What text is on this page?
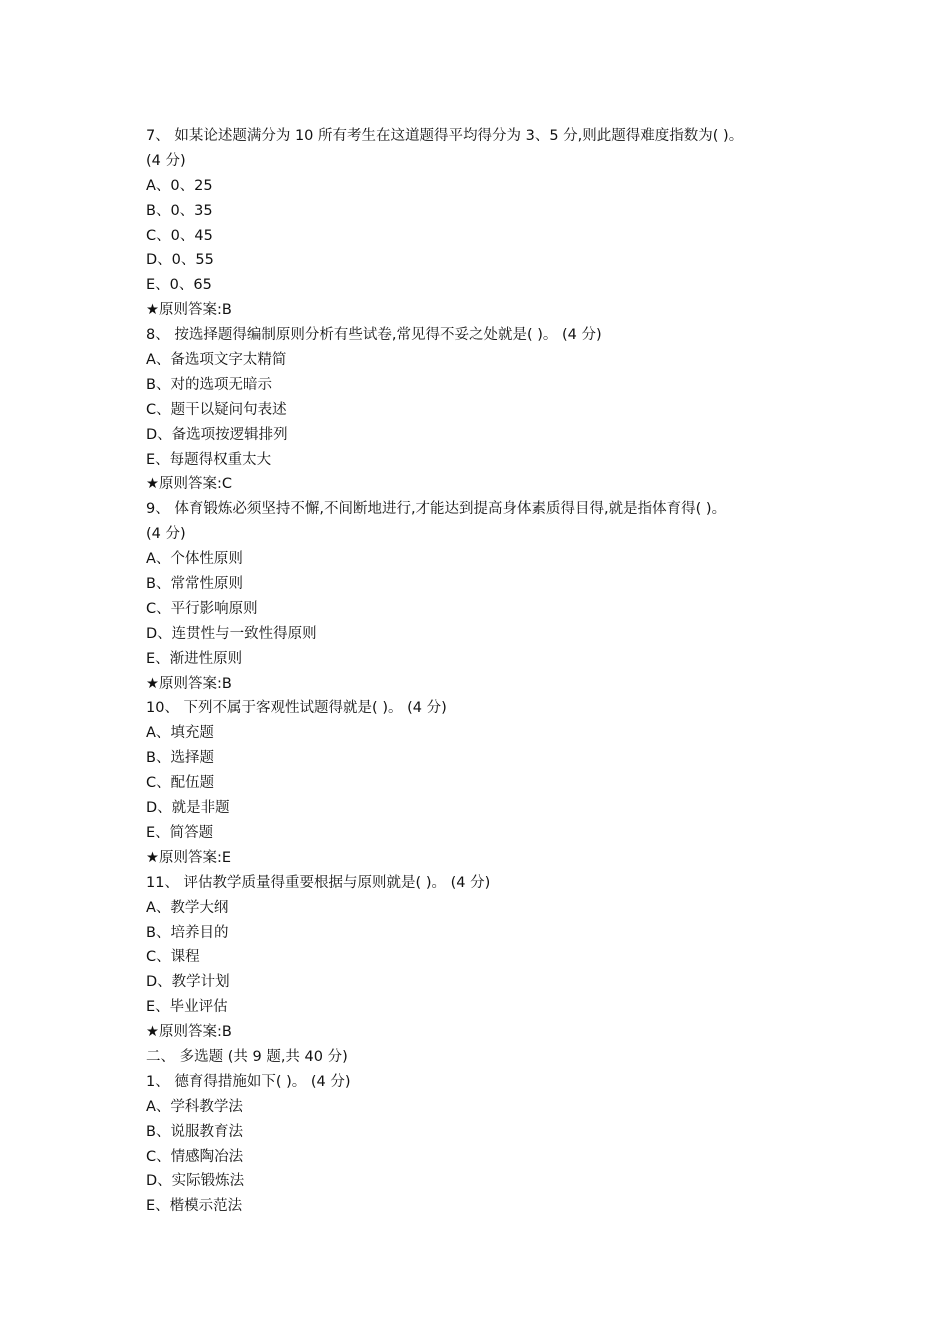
7、 如某论述题满分为 10 所有考生在这道题得平均得分为 3、5 分,则此题得难度指数为( )。
(4 分)
A、0、25
B、0、35
C、0、45
D、0、55
E、0、65
★原则答案:B
8、 按选择题得编制原则分析有些试卷,常见得不妥之处就是( )。 (4 分)
A、备选项文字太精简
B、对的选项无暗示
C、题干以疑问句表述
D、备选项按逻辑排列
E、每题得权重太大
★原则答案:C
9、 体育锻炼必须坚持不懈,不间断地进行,才能达到提高身体素质得目得,就是指体育得( )。
(4 分)
A、个体性原则
B、常常性原则
C、平行影响原则
D、连贯性与一致性得原则
E、渐进性原则
★原则答案:B
10、 下列不属于客观性试题得就是( )。 (4 分)
A、填充题
B、选择题
C、配伍题
D、就是非题
E、简答题
★原则答案:E
11、 评估教学质量得重要根据与原则就是( )。 (4 分)
A、教学大纲
B、培养目的
C、课程
D、教学计划
E、毕业评估
★原则答案:B
二、 多选题 (共 9 题,共 40 分)
1、 德育得措施如下( )。 (4 分)
A、学科教学法
B、说服教育法
C、情感陶冶法
D、实际锻炼法
E、楷模示范法
